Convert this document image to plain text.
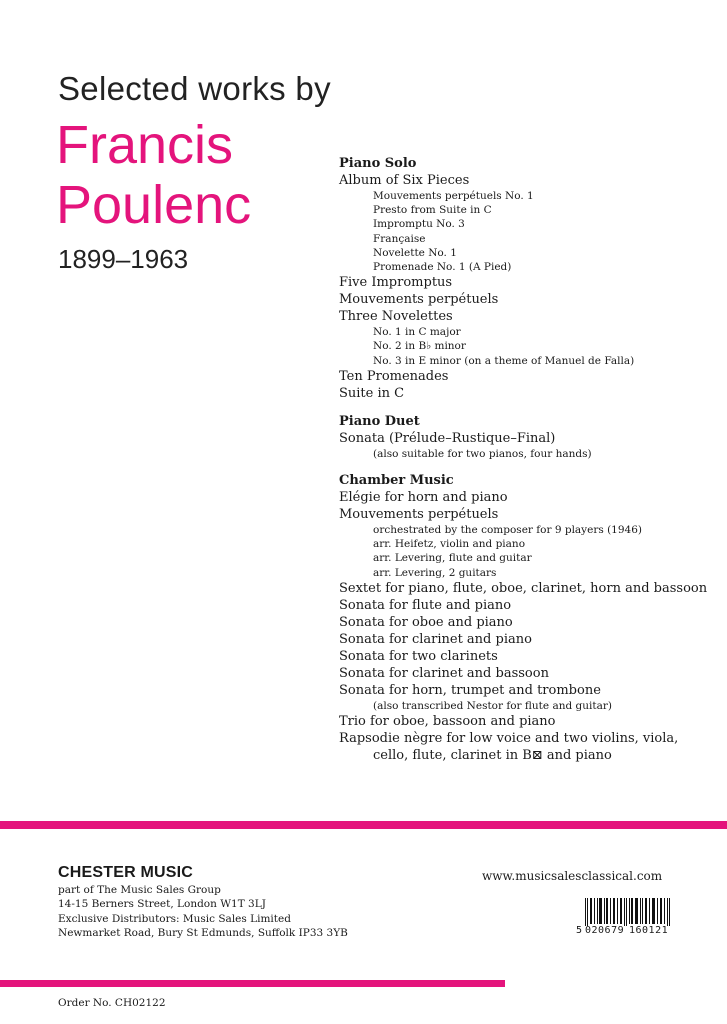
Selected works by
Francis
Poulenc
1899–1963
Piano Solo
Album of Six Pieces
Mouvements perpétuels No. 1
Presto from Suite in C
Impromptu No. 3
Française
Novelette No. 1
Promenade No. 1 (A Pied)
Five Impromptus
Mouvements perpétuels
Three Novelettes
No. 1 in C major
No. 2 in B♭ minor
No. 3 in E minor (on a theme of Manuel de Falla)
Ten Promenades
Suite in C
Piano Duet
Sonata (Prélude–Rustique–Final)
(also suitable for two pianos, four hands)
Chamber Music
Elégie for horn and piano
Mouvements perpétuels
orchestrated by the composer for 9 players (1946)
arr. Heifetz, violin and piano
arr. Levering, flute and guitar
arr. Levering, 2 guitars
Sextet for piano, flute, oboe, clarinet, horn and bassoon
Sonata for flute and piano
Sonata for oboe and piano
Sonata for clarinet and piano
Sonata for two clarinets
Sonata for clarinet and bassoon
Sonata for horn, trumpet and trombone
(also transcribed Nestor for flute and guitar)
Trio for oboe, bassoon and piano
Rapsodie nègre for low voice and two violins, viola,
cello, flute, clarinet in B⊠ and piano
CHESTER MUSIC
part of The Music Sales Group
14-15 Berners Street, London W1T 3LJ
Exclusive Distributors: Music Sales Limited
Newmarket Road, Bury St Edmunds, Suffolk IP33 3YB
www.musicsalesclassical.com
5 020679 160121
Order No. CH02122
